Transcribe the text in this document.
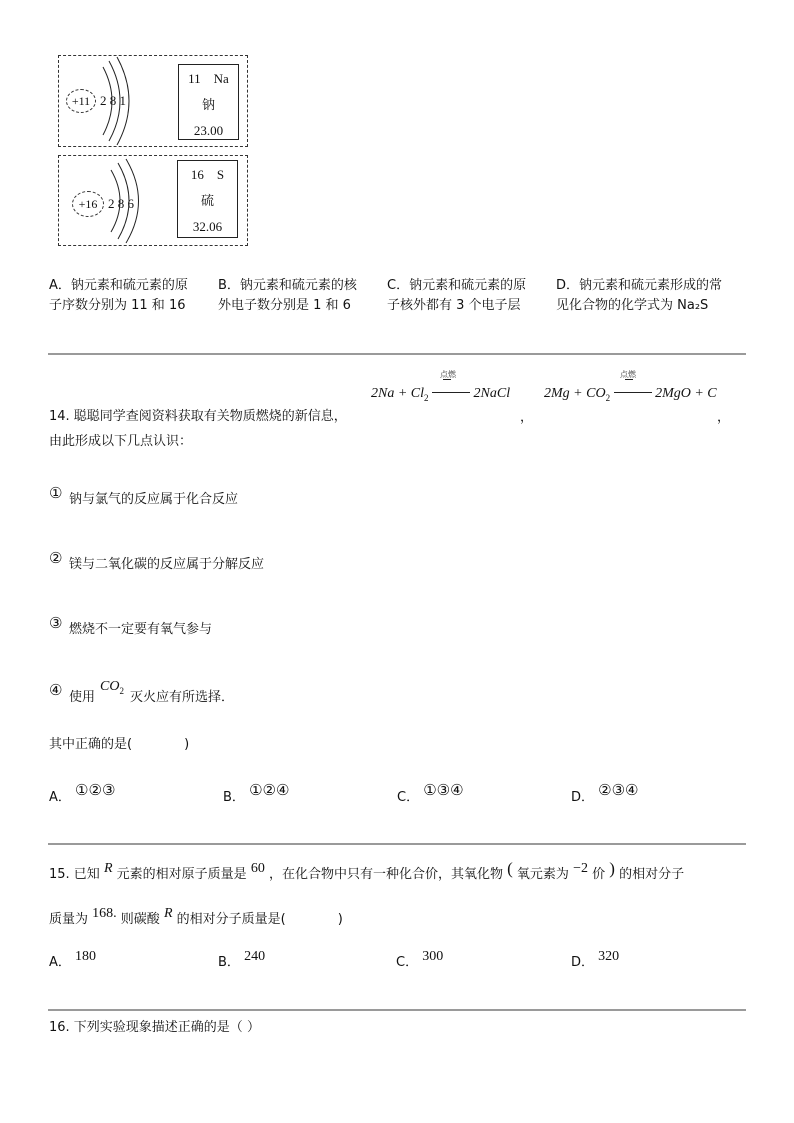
+11 2 8 1
11 Na
钠
23.00
+16 2 8 6
16 S
硫
32.06
A．钠元素和硫元素的原
子序数分别为 11 和 16
B．钠元素和硫元素的核
外电子数分别是 1 和 6
C．钠元素和硫元素的原
子核外都有 3 个电子层
D．钠元素和硫元素形成的常
见化合物的化学式为 Na₂S
点燃
$2Na + Cl_2$	2NaCl
点燃
$2Mg + CO_2$	2MgO + C
14. 聪聪同学查阅资料获取有关物质燃烧的新信息，	，	，
由此形成以下几点认识：
① 钠与氯气的反应属于化合反应
② 镁与二氧化碳的反应属于分解反应
③ 燃烧不一定要有氧气参与
④ 使用
$CO_2$ 灭火应有所选择．
其中正确的是(　　　　)
A． ①②③	B． ①②④	C． ①③④	D． ②③④
15. 已知 R 元素的相对原子质量是 60 ，在化合物中只有一种化合价，其氧化物 ( 氧元素为 −2 价 ) 的相对分子
质量为 168. 则碳酸 R 的相对分子质量是(　　　　)
A． 180	B． 240	C． 300	D． 320
16. 下列实验现象描述正确的是（ ）
